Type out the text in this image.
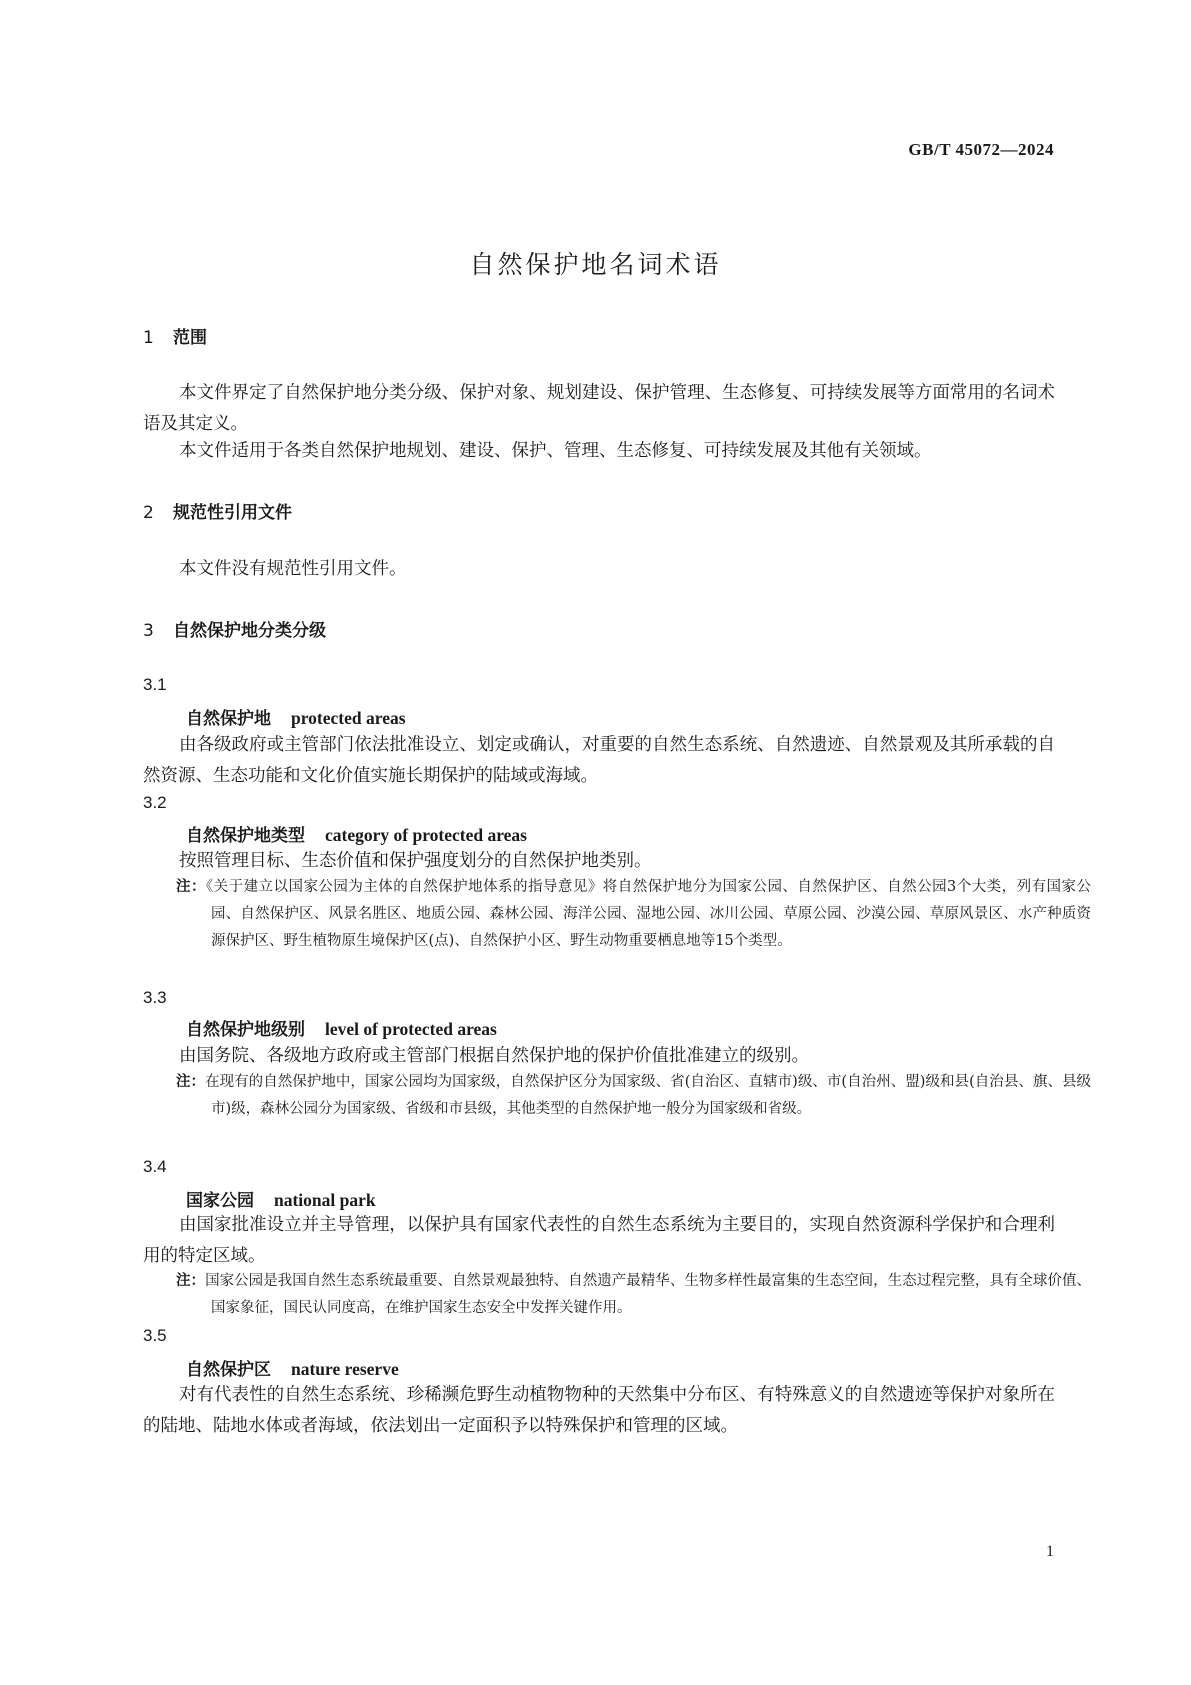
GB/T 45072—2024
自然保护地名词术语
1 范围
本文件界定了自然保护地分类分级、保护对象、规划建设、保护管理、生态修复、可持续发展等方面常用的名词术语及其定义。
本文件适用于各类自然保护地规划、建设、保护、管理、生态修复、可持续发展及其他有关领域。
2 规范性引用文件
本文件没有规范性引用文件。
3 自然保护地分类分级
3.1
自然保护地 protected areas
由各级政府或主管部门依法批准设立、划定或确认，对重要的自然生态系统、自然遗迹、自然景观及其所承载的自然资源、生态功能和文化价值实施长期保护的陆域或海域。
3.2
自然保护地类型 category of protected areas
按照管理目标、生态价值和保护强度划分的自然保护地类别。
注：《关于建立以国家公园为主体的自然保护地体系的指导意见》将自然保护地分为国家公园、自然保护区、自然公园3个大类，列有国家公园、自然保护区、风景名胜区、地质公园、森林公园、海洋公园、湿地公园、冰川公园、草原公园、沙漠公园、草原风景区、水产种质资源保护区、野生植物原生境保护区(点)、自然保护小区、野生动物重要栖息地等15个类型。
3.3
自然保护地级别 level of protected areas
由国务院、各级地方政府或主管部门根据自然保护地的保护价值批准建立的级别。
注：在现有的自然保护地中，国家公园均为国家级，自然保护区分为国家级、省(自治区、直辖市)级、市(自治州、盟)级和县(自治县、旗、县级市)级，森林公园分为国家级、省级和市县级，其他类型的自然保护地一般分为国家级和省级。
3.4
国家公园 national park
由国家批准设立并主导管理，以保护具有国家代表性的自然生态系统为主要目的，实现自然资源科学保护和合理利用的特定区域。
注：国家公园是我国自然生态系统最重要、自然景观最独特、自然遗产最精华、生物多样性最富集的生态空间，生态过程完整，具有全球价值、国家象征，国民认同度高，在维护国家生态安全中发挥关键作用。
3.5
自然保护区 nature reserve
对有代表性的自然生态系统、珍稀濒危野生动植物物种的天然集中分布区、有特殊意义的自然遗迹等保护对象所在的陆地、陆地水体或者海域，依法划出一定面积予以特殊保护和管理的区域。
1
